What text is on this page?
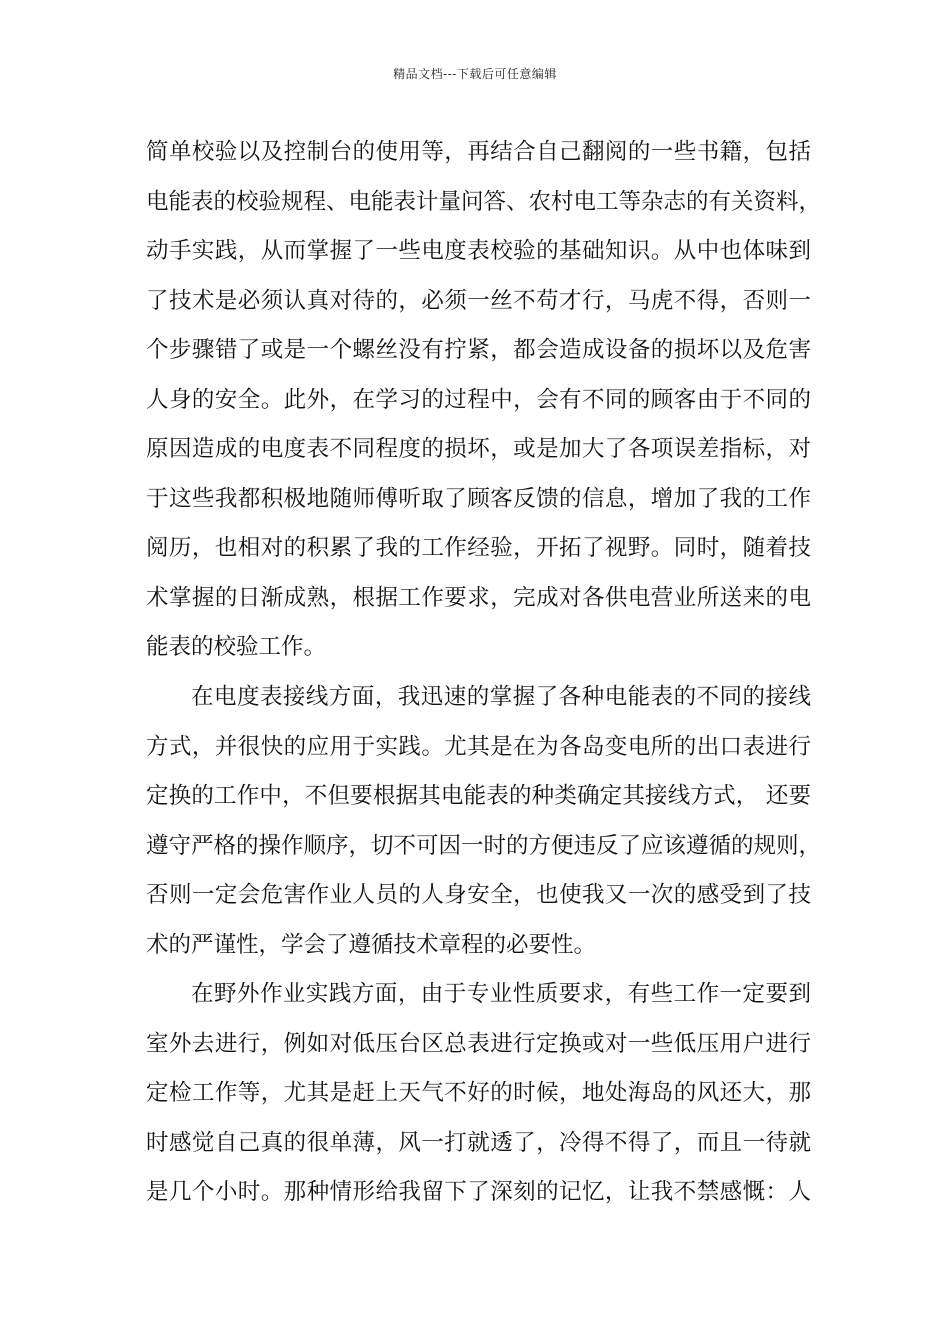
精品文档---下载后可任意编辑
简单校验以及控制台的使用等，再结合自己翻阅的一些书籍，包括
电能表的校验规程、电能表计量问答、农村电工等杂志的有关资料，
动手实践，从而掌握了一些电度表校验的基础知识。从中也体味到
了技术是必须认真对待的，必须一丝不苟才行，马虎不得，否则一
个步骤错了或是一个螺丝没有拧紧，都会造成设备的损坏以及危害
人身的安全。此外，在学习的过程中，会有不同的顾客由于不同的
原因造成的电度表不同程度的损坏，或是加大了各项误差指标，对
于这些我都积极地随师傅听取了顾客反馈的信息，增加了我的工作
阅历，也相对的积累了我的工作经验，开拓了视野。同时，随着技
术掌握的日渐成熟，根据工作要求，完成对各供电营业所送来的电
能表的校验工作。
在电度表接线方面，我迅速的掌握了各种电能表的不同的接线
方式，并很快的应用于实践。尤其是在为各岛变电所的出口表进行
定换的工作中，不但要根据其电能表的种类确定其接线方式， 还要
遵守严格的操作顺序，切不可因一时的方便违反了应该遵循的规则，
否则一定会危害作业人员的人身安全，也使我又一次的感受到了技
术的严谨性，学会了遵循技术章程的必要性。
在野外作业实践方面，由于专业性质要求，有些工作一定要到
室外去进行，例如对低压台区总表进行定换或对一些低压用户进行
定检工作等，尤其是赶上天气不好的时候，地处海岛的风还大，那
时感觉自己真的很单薄，风一打就透了，冷得不得了，而且一待就
是几个小时。那种情形给我留下了深刻的记忆，让我不禁感慨：人
